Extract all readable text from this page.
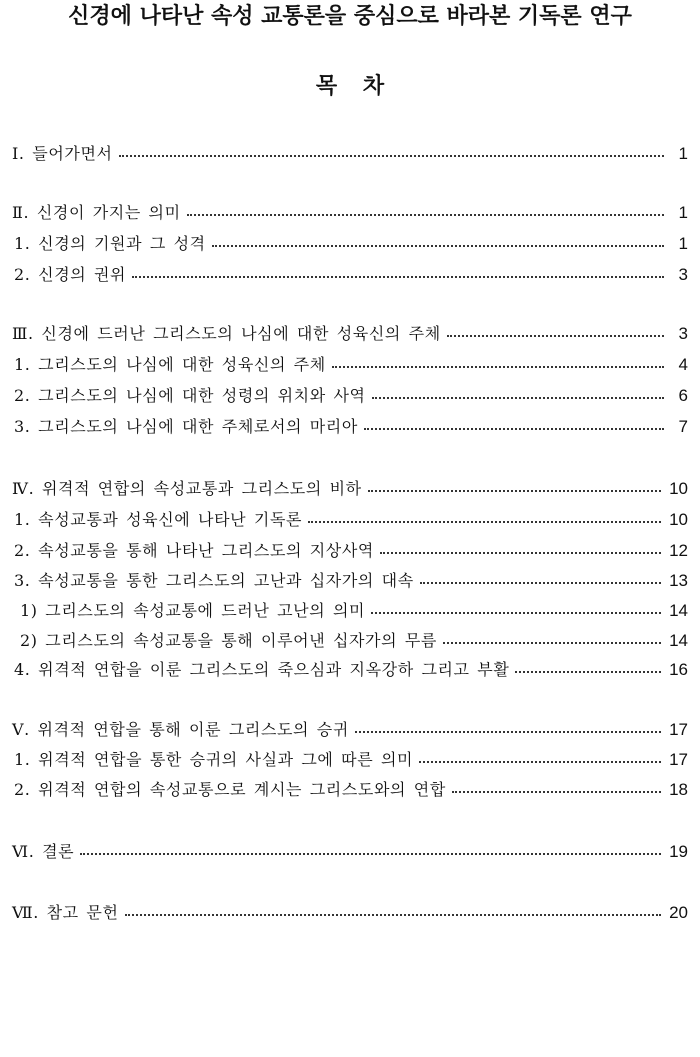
신경에 나타난 속성 교통론을 중심으로 바라본 기독론 연구
목 차
Ⅰ. 들어가면서	1
Ⅱ. 신경이 가지는 의미	1
1. 신경의 기원과 그 성격	1
2. 신경의 권위	3
Ⅲ. 신경에 드러난 그리스도의 나심에 대한 성육신의 주체	3
1. 그리스도의 나심에 대한 성육신의 주체	4
2. 그리스도의 나심에 대한 성령의 위치와 사역	6
3. 그리스도의 나심에 대한 주체로서의 마리아	7
Ⅳ. 위격적 연합의 속성교통과 그리스도의 비하	10
1. 속성교통과 성육신에 나타난 기독론	10
2. 속성교통을 통해 나타난 그리스도의 지상사역	12
3. 속성교통을 통한 그리스도의 고난과 십자가의 대속	13
1) 그리스도의 속성교통에 드러난 고난의 의미	14
2) 그리스도의 속성교통을 통해 이루어낸 십자가의 무름	14
4. 위격적 연합을 이룬 그리스도의 죽으심과 지옥강하 그리고 부활	16
Ⅴ. 위격적 연합을 통해 이룬 그리스도의 승귀	17
1. 위격적 연합을 통한 승귀의 사실과 그에 따른 의미	17
2. 위격적 연합의 속성교통으로 계시는 그리스도와의 연합	18
Ⅵ. 결론	19
Ⅶ. 참고 문헌	20
